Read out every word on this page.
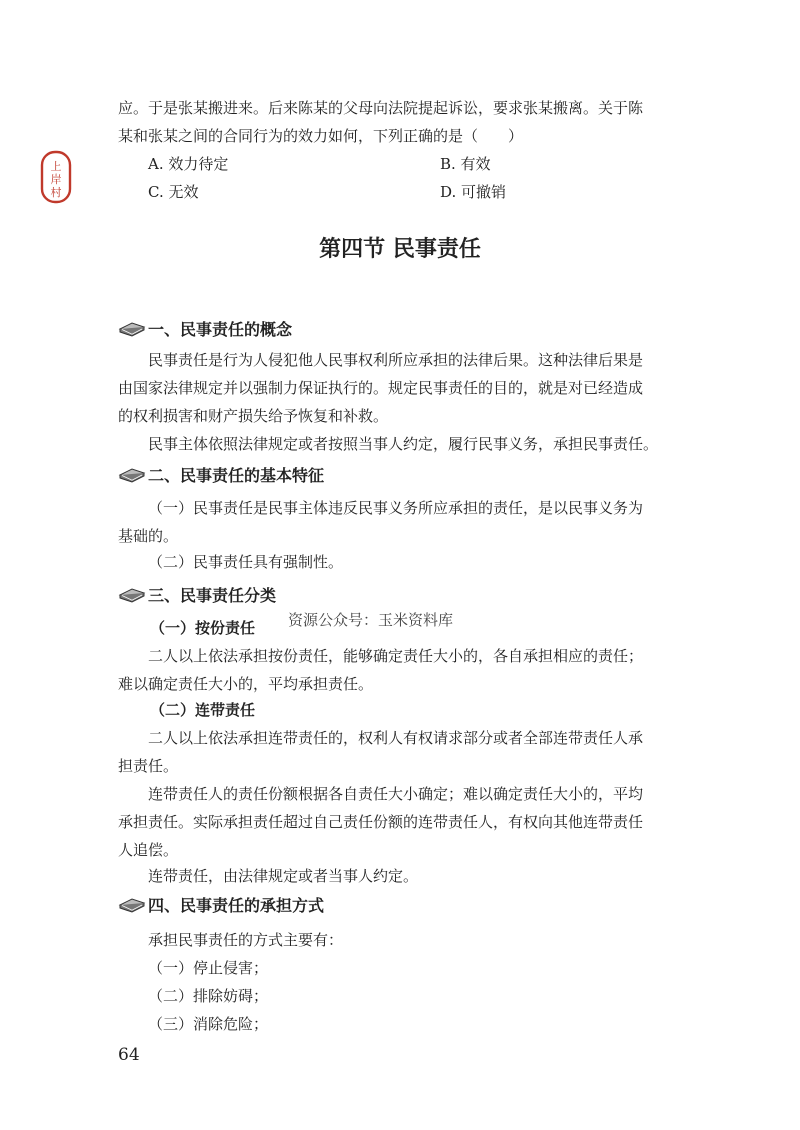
上
岸
村
应。于是张某搬进来。后来陈某的父母向法院提起诉讼，要求张某搬离。关于陈
某和张某之间的合同行为的效力如何，下列正确的是（　　）
A. 效力待定	B. 有效
C. 无效	D. 可撤销
第四节 民事责任
一、民事责任的概念
民事责任是行为人侵犯他人民事权利所应承担的法律后果。这种法律后果是
由国家法律规定并以强制力保证执行的。规定民事责任的目的，就是对已经造成
的权利损害和财产损失给予恢复和补救。
民事主体依照法律规定或者按照当事人约定，履行民事义务，承担民事责任。
二、民事责任的基本特征
（一）民事责任是民事主体违反民事义务所应承担的责任，是以民事义务为
基础的。
（二）民事责任具有强制性。
三、民事责任分类
（一）按份责任 资源公众号：玉米资料库
二人以上依法承担按份责任，能够确定责任大小的，各自承担相应的责任；
难以确定责任大小的，平均承担责任。
（二）连带责任
二人以上依法承担连带责任的，权利人有权请求部分或者全部连带责任人承
担责任。
连带责任人的责任份额根据各自责任大小确定；难以确定责任大小的，平均
承担责任。实际承担责任超过自己责任份额的连带责任人，有权向其他连带责任
人追偿。
连带责任，由法律规定或者当事人约定。
四、民事责任的承担方式
承担民事责任的方式主要有：
（一）停止侵害；
（二）排除妨碍；
（三）消除危险；
64
